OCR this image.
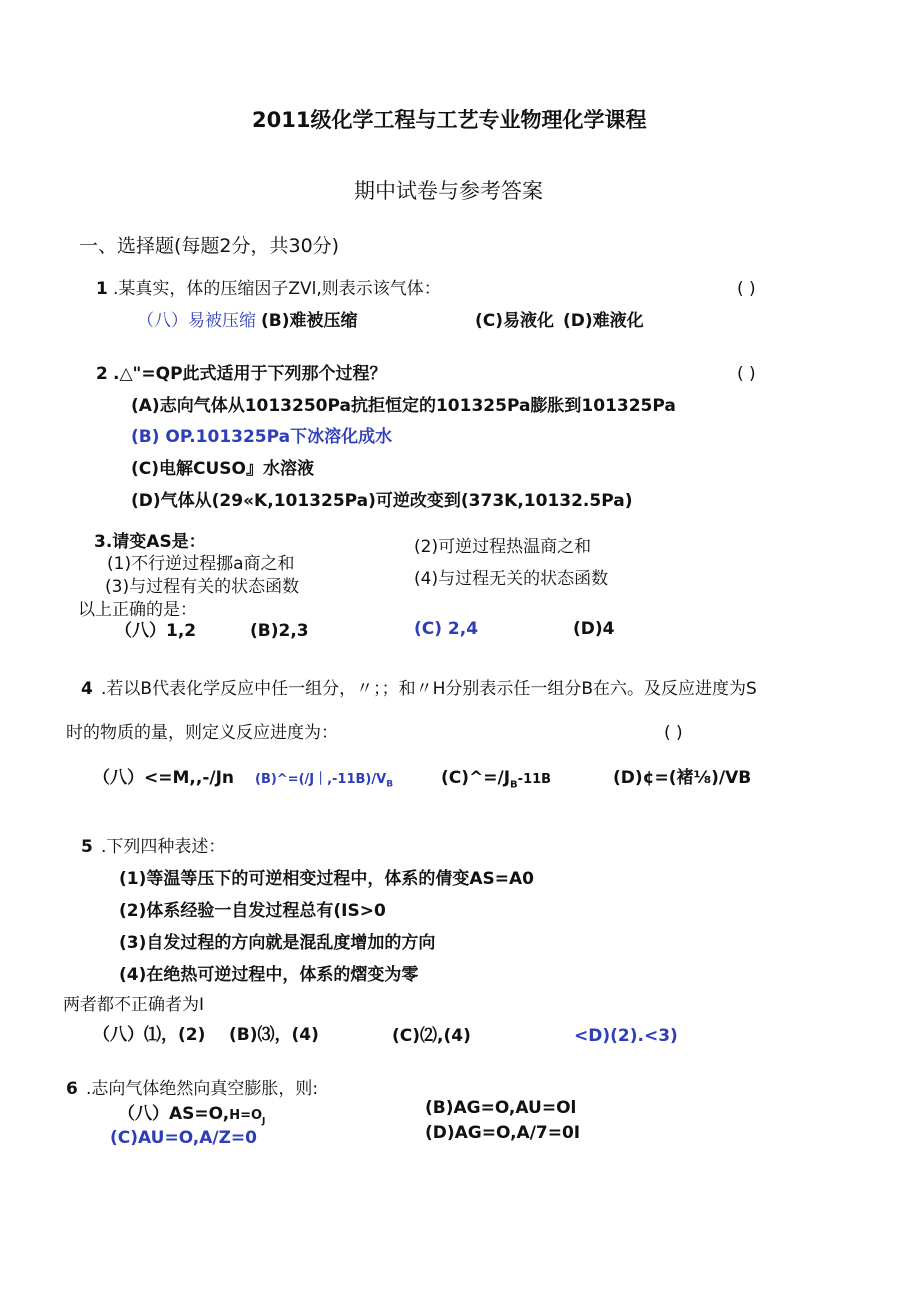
2011级化学工程与工艺专业物理化学课程
期中试卷与参考答案
一、选择题(每题2分，共30分)
1 .某真实，体的压缩因子ZVl,则表示该气体：	( )
（八）易被压缩 (B)难被压缩	(C)易液化 (D)难液化
2 .△"=QP此式适用于下列那个过程？	( )
(A)志向气体从1013250Pa抗拒恒定的101325Pa膨胀到101325Pa
(B) OP.101325Pa下冰溶化成水
(C)电解CUSO』水溶液
(D)气体从(29«K,101325Pa)可逆改变到(373K,10132.5Pa)
3.请变AS是：
(1)不行逆过程挪a商之和
(2)可逆过程热温商之和
(3)与过程有关的状态函数	(4)与过程无关的状态函数
以上正确的是：
（八）1,2	(B)2,3	(C) 2,4	(D)4
4 .若以B代表化学反应中任一组分，〃；；和〃H分别表示任一组分B在六。及反应进度为S
时的物质的量，则定义反应进度为：	( )
（八）<=M,,-/Jn $(B)\^{}=(/J|,-11B)/V_B$	$(C)\^{}=/J_B-11B$	(D)¢=(褚⅛)/VB
5 .下列四种表述：
(1)等温等压下的可逆相变过程中，体系的倩变AS=A0
(2)体系经验一自发过程总有(IS>0
(3)自发过程的方向就是混乱度增加的方向
(4)在绝热可逆过程中，体系的熠变为零
两者都不正确者为I
（八）⑴，(2) (B)⑶，(4)	(C)⑵,(4)	<D)(2).<3)
6 .志向气体绝然向真空膨胀，则:
（八）$AS=O,H=O_J$
(B)AG=O,AU=Ol
(C)AU=O,A∕Z=0	(D)AG=O,A∕7=0I
